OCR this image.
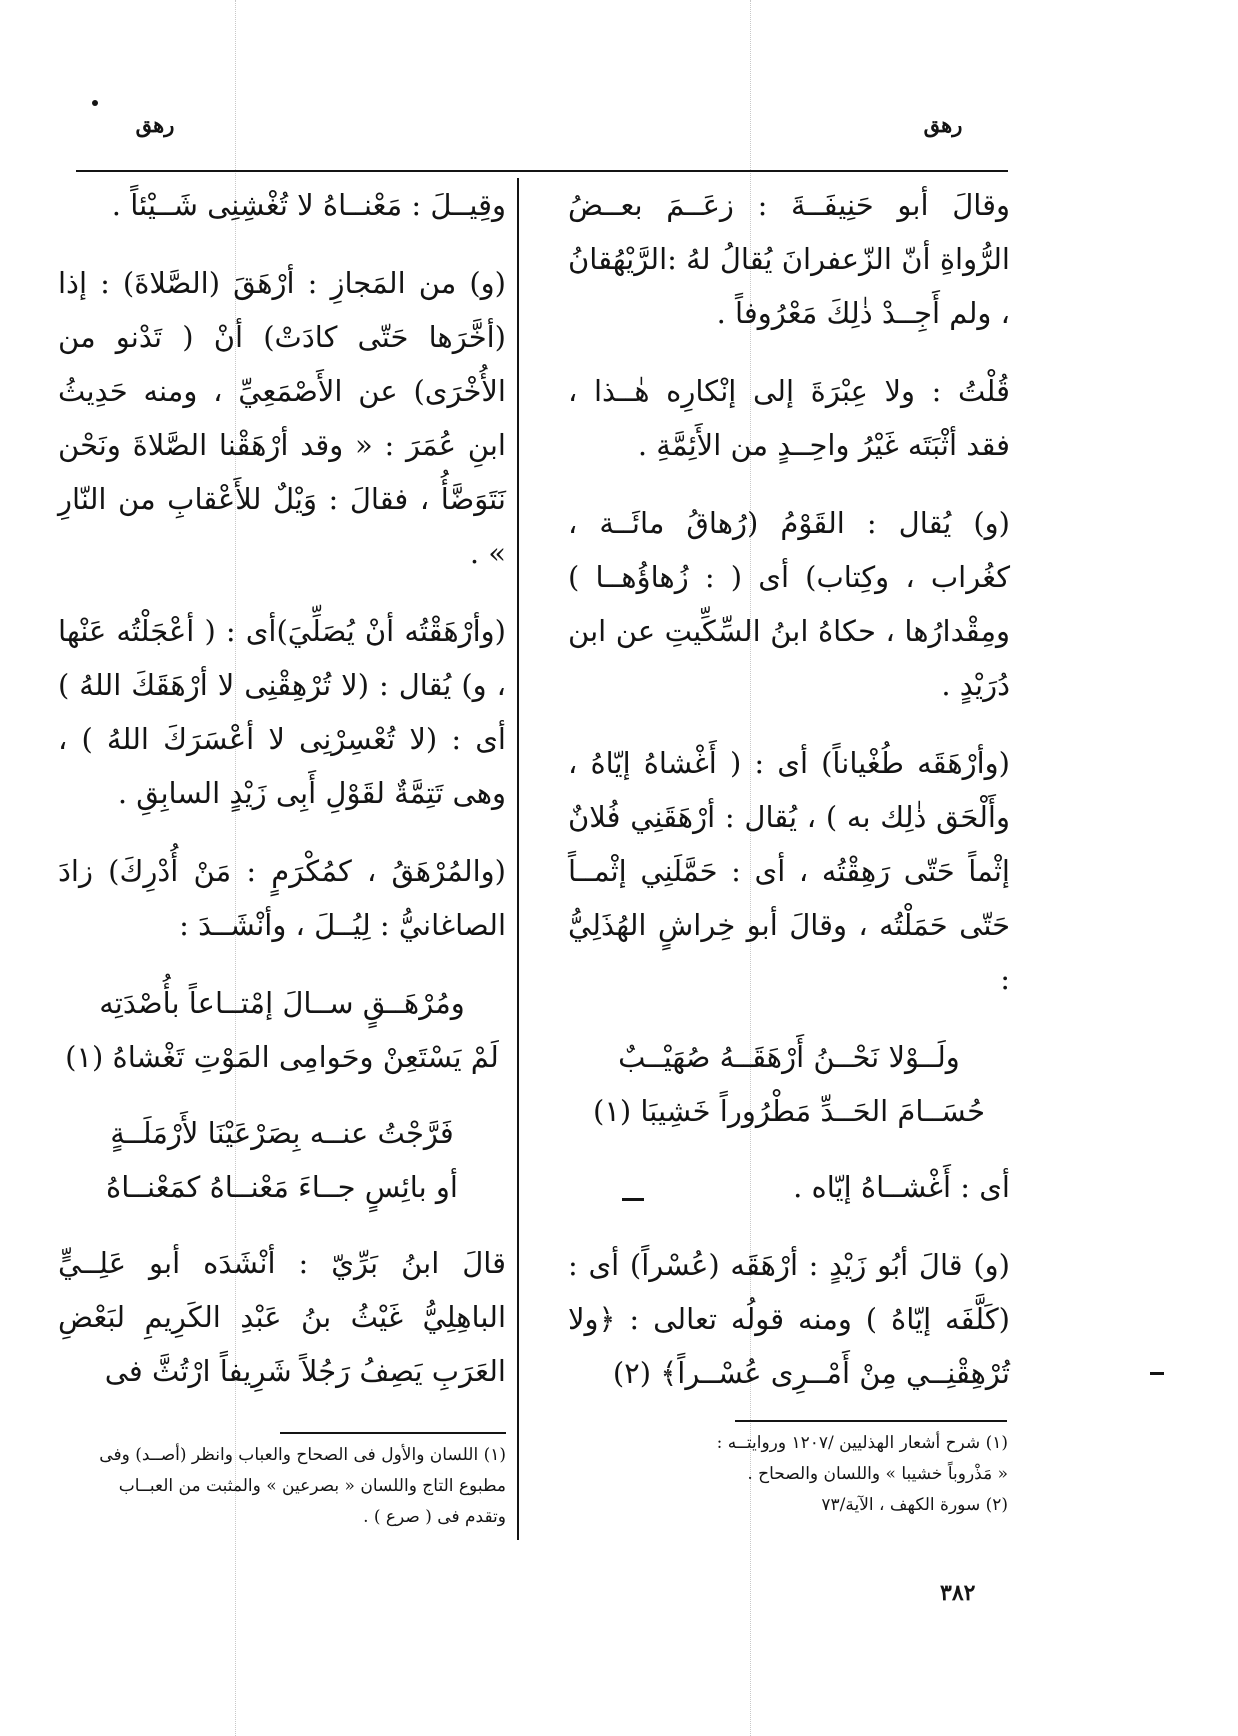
رهق
رهق

وقالَ أبو حَنِيفَــةَ : زعَــمَ بعــضُ الرُّواةِ أنّ الزّعفرانَ يُقالُ لهُ :الرَّيْهُقانُ ، ولم أَجِــدْ ذٰلِكَ مَعْرُوفاً .

قُلْتُ : ولا عِبْرَةَ إلى إنْكارِه هٰــذا ، فقد أثْبَتَه غَيْرُ واحِــدٍ من الأَئِمَّةِ .

(و) يُقال : القَوْمُ (رُهاقُ مائَــة ، كغُراب ، وكِتاب) أى ( : زُهاؤُهــا ) ومِقْدارُها ، حكاهُ ابنُ السِّكِّيتِ عن ابن دُرَيْدٍ .

(وأرْهَقَه طُغْياناً) أى : ( أَغْشاهُ إيّاهُ ، وأَلْحَق ذٰلِك به ) ، يُقال : أرْهَقَنِي فُلانٌ إثْماً حَتّى رَهِقْتُه ، أى : حَمَّلَنِي إثْمــاً حَتّى حَمَلْتُه ، وقالَ أبو خِراشٍ الهُذَلِيُّ :

ولَــوْلا نَحْــنُ أَرْهَقَــهُ صُهَيْــبٌ
حُسَــامَ الحَــدِّ مَطْرُوراً خَشِيبَا (١)

أى : أَغْشــاهُ إيّاه .

(و) قالَ أبُو زَيْدٍ : أرْهَقَه (عُسْراً) أى : (كَلَّفَه إيّاهُ ) ومنه قولُه تعالى : ﴿ولا تُرْهِقْنِــي مِنْ أَمْــرِى عُسْــراً﴾ (٢)

وقِيــلَ : مَعْنــاهُ لا تُغْشِنِى شَــيْئاً .

(و) من المَجازِ : أرْهَقَ (الصَّلاةَ) : إذا (أخَّرَها حَتّى كادَتْ) أنْ ( تَدْنو من الأُخْرَى) عن الأَصْمَعِيِّ ، ومنه حَدِيثُ ابنِ عُمَرَ : « وقد أرْهَقْنا الصَّلاةَ ونَحْن نَتَوَضَّأُ ، فقالَ : وَيْلٌ للأَعْقابِ من النّارِ » .

(وأرْهَقْتُه أنْ يُصَلِّيَ)أى : ( أعْجَلْتُه عَنْها ، و) يُقال : (لا تُرْهِقْنِى لا أرْهَقَكَ اللهُ ) أى : (لا تُعْسِرْنِى لا أعْسَرَكَ اللهُ ) ، وهى تَتِمَّةٌ لقَوْلِ أَبِى زَيْدٍ السابِقِ .

(والمُرْهَقُ ، كمُكْرَمٍ : مَنْ أُدْرِكَ) زادَ الصاغانيُّ : لِيُــلَ ، وأنْشَــدَ :

ومُرْهَــقٍ ســالَ إمْتــاعاً بأُصْدَتِه
لَمْ يَسْتَعِنْ وحَوامِى المَوْتِ تَغْشاهُ (١)
فَرَّجْتُ عنــه بِصَرْعَيْنَا لأَرْمَلَــةٍ
أو بائِسٍ جــاءَ مَعْنــاهُ كمَعْنــاهُ

قالَ ابنُ بَرِّيّ : أنْشَدَه أبو عَلِــيٍّ الباهِلِيُّ غَيْثُ بنُ عَبْدِ الكَرِيمِ لبَعْضِ العَرَبِ يَصِفُ رَجُلاً شَرِيفاً ارْتُثَّ فى

(١) شرح أشعار الهذليين /١٢٠٧ وروايتــه :

« مَذْروباً خشيبا » واللسان والصحاح .

(٢) سورة الكهف ، الآية/٧٣

(١) اللسان والأول فى الصحاح والعباب وانظر (أصــد) وفى

مطبوع التاج واللسان « بصرعين » والمثبت من العبــاب

وتقدم فى ( صرع ) .

٣٨٢
